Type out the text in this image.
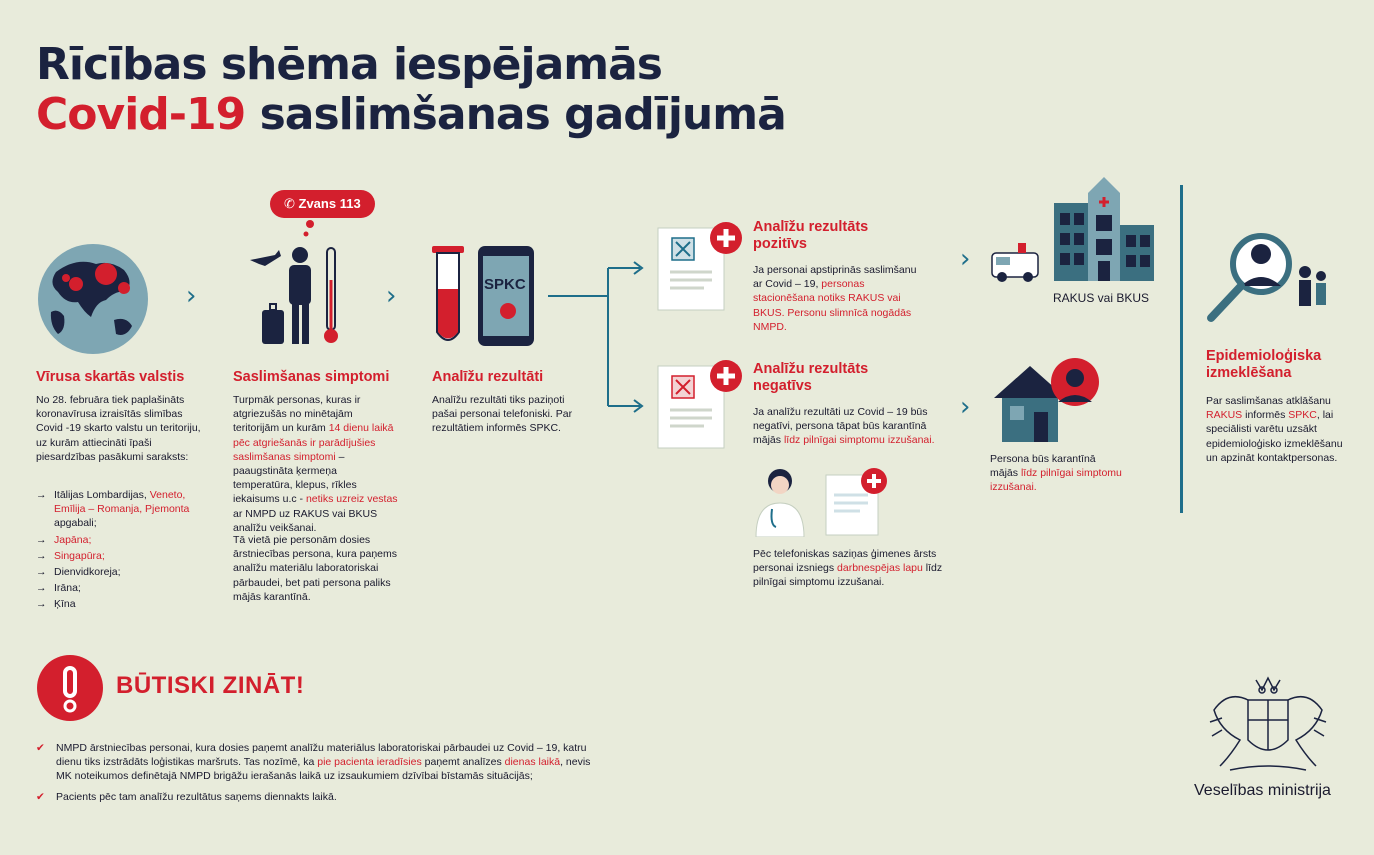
Rīcības shēma iespējamās
Covid-19 saslimšanas gadījumā
›	›
✆ Zvans 113
SPKC
Vīrusa skartās valstis
No 28. februāra tiek paplašināts koronavīrusa izraisītās slimības Covid -19 skarto valstu un teritoriju, uz kurām attiecināti īpaši piesardzības pasākumi saraksts:
→ Itālijas Lombardijas, Veneto, Emīlija – Romanja, Pjemonta apgabali;
→ Japāna;
→ Singapūra;
→ Dienvidkoreja;
→ Irāna;
→ Ķīna
Saslimšanas simptomi
Turpmāk personas, kuras ir atgriezušās no minētajām teritorijām un kurām 14 dienu laikā pēc atgriešanās ir parādījušies saslimšanas simptomi – paaugstināta ķermeņa temperatūra, klepus, rīkles iekaisums u.c - netiks uzreiz vestas ar NMPD uz RAKUS vai BKUS analīžu veikšanai.
Tā vietā pie personām dosies ārstniecības persona, kura paņems analīžu materiālu laboratoriskai pārbaudei, bet pati persona paliks mājās karantīnā.
Analīžu rezultāti
Analīžu rezultāti tiks paziņoti pašai personai telefoniski. Par rezultātiem informēs SPKC.
Analīžu rezultāts pozitīvs
Ja personai apstiprinās saslimšanu ar Covid – 19, personas stacionēšana notiks RAKUS vai BKUS. Personu slimnīcā nogādās NMPD.
Analīžu rezultāts negatīvs
Ja analīžu rezultāti uz Covid – 19 būs negatīvi, persona tāpat būs karantīnā mājās līdz pilnīgai simptomu izzušanai.
Pēc telefoniskas saziņas ģimenes ārsts personai izsniegs darbnespējas lapu līdz pilnīgai simptomu izzušanai.
›
›
RAKUS vai BKUS
Persona būs karantīnā mājās līdz pilnīgai simptomu izzušanai.
Epidemioloģiska izmeklēšana
Par saslimšanas atklāšanu RAKUS informēs SPKC, lai speciālisti varētu uzsākt epidemioloģisko izmeklēšanu un apzināt kontaktpersonas.
BŪTISKI ZINĀT!
✔	NMPD ārstniecības personai, kura dosies paņemt analīžu materiālus laboratoriskai pārbaudei uz Covid – 19, katru dienu tiks izstrādāts loģistikas maršruts. Tas nozīmē, ka pie pacienta ieradīsies paņemt analīzes dienas laikā, nevis MK noteikumos definētajā NMPD brigāžu ierašanās laikā uz izsaukumiem dzīvībai bīstamās situācijās;
✔	Pacients pēc tam analīžu rezultātus saņems diennakts laikā.	Veselības ministrija
